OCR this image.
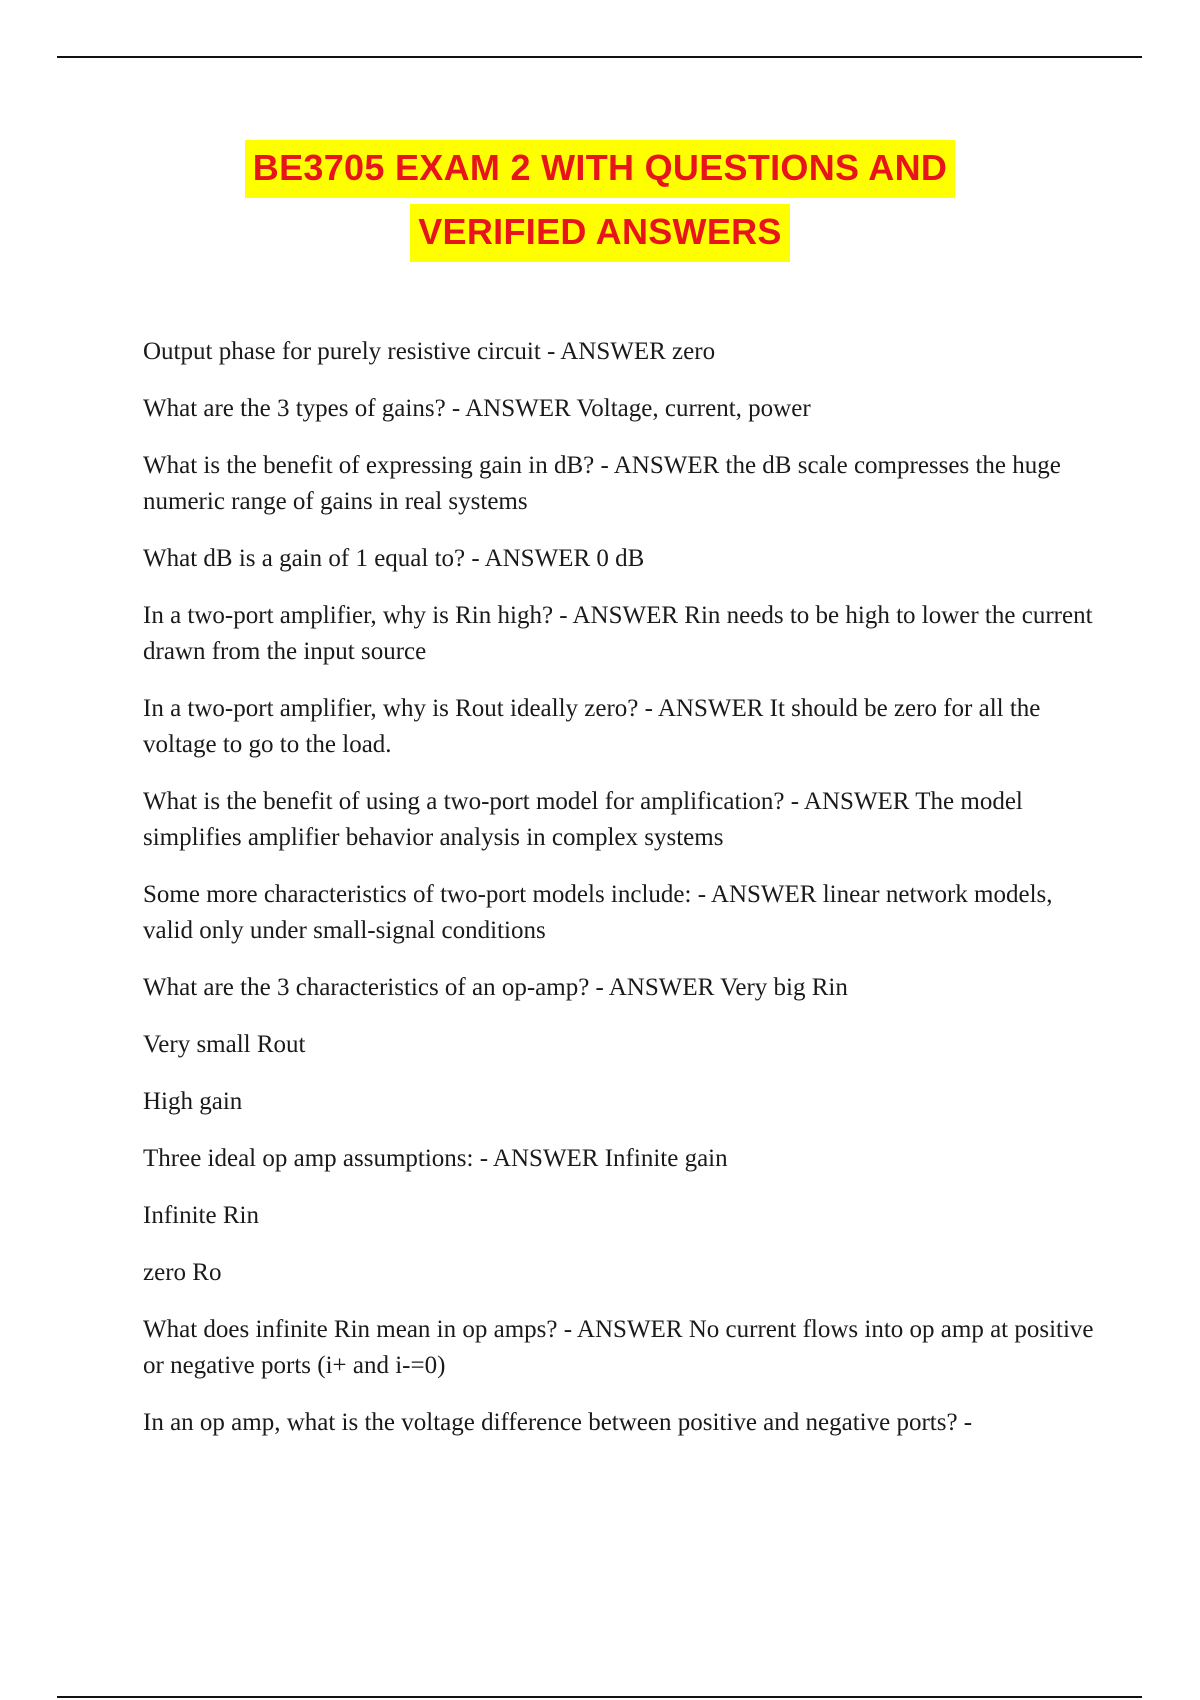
BE3705 EXAM 2 WITH QUESTIONS AND
VERIFIED ANSWERS

Output phase for purely resistive circuit - ANSWER zero

What are the 3 types of gains? - ANSWER Voltage, current, power

What is the benefit of expressing gain in dB? - ANSWER the dB scale compresses the huge numeric range of gains in real systems

What dB is a gain of 1 equal to? - ANSWER 0 dB

In a two-port amplifier, why is Rin high? - ANSWER Rin needs to be high to lower the current drawn from the input source

In a two-port amplifier, why is Rout ideally zero? - ANSWER It should be zero for all the voltage to go to the load.

What is the benefit of using a two-port model for amplification? - ANSWER The model simplifies amplifier behavior analysis in complex systems

Some more characteristics of two-port models include: - ANSWER linear network models, valid only under small-signal conditions

What are the 3 characteristics of an op-amp? - ANSWER Very big Rin

Very small Rout

High gain

Three ideal op amp assumptions: - ANSWER Infinite gain

Infinite Rin

zero Ro

What does infinite Rin mean in op amps? - ANSWER No current flows into op amp at positive or negative ports (i+ and i-=0)

In an op amp, what is the voltage difference between positive and negative ports? -
